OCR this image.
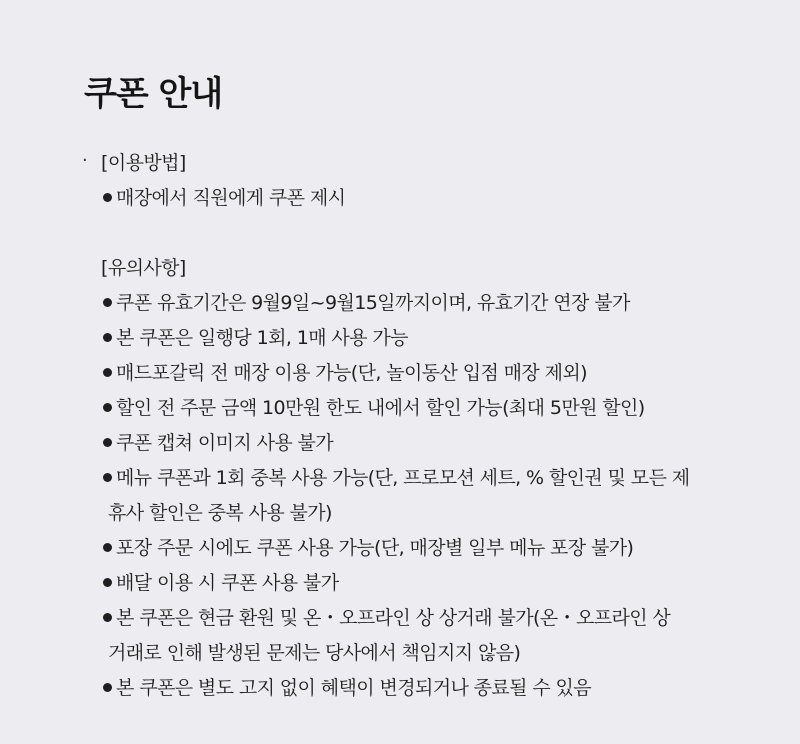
쿠폰 안내
· [이용방법]
매장에서 직원에게 쿠폰 제시
[유의사항]
쿠폰 유효기간은 9월9일~9월15일까지이며, 유효기간 연장 불가
본 쿠폰은 일행당 1회, 1매 사용 가능
매드포갈릭 전 매장 이용 가능(단, 놀이동산 입점 매장 제외)
할인 전 주문 금액 10만원 한도 내에서 할인 가능(최대 5만원 할인)
쿠폰 캡쳐 이미지 사용 불가
메뉴 쿠폰과 1회 중복 사용 가능(단, 프로모션 세트, % 할인권 및 모든 제
휴사 할인은 중복 사용 불가)
포장 주문 시에도 쿠폰 사용 가능(단, 매장별 일부 메뉴 포장 불가)
배달 이용 시 쿠폰 사용 불가
본 쿠폰은 현금 환원 및 온・오프라인 상 상거래 불가(온・오프라인 상
거래로 인해 발생된 문제는 당사에서 책임지지 않음)
본 쿠폰은 별도 고지 없이 혜택이 변경되거나 종료될 수 있음
